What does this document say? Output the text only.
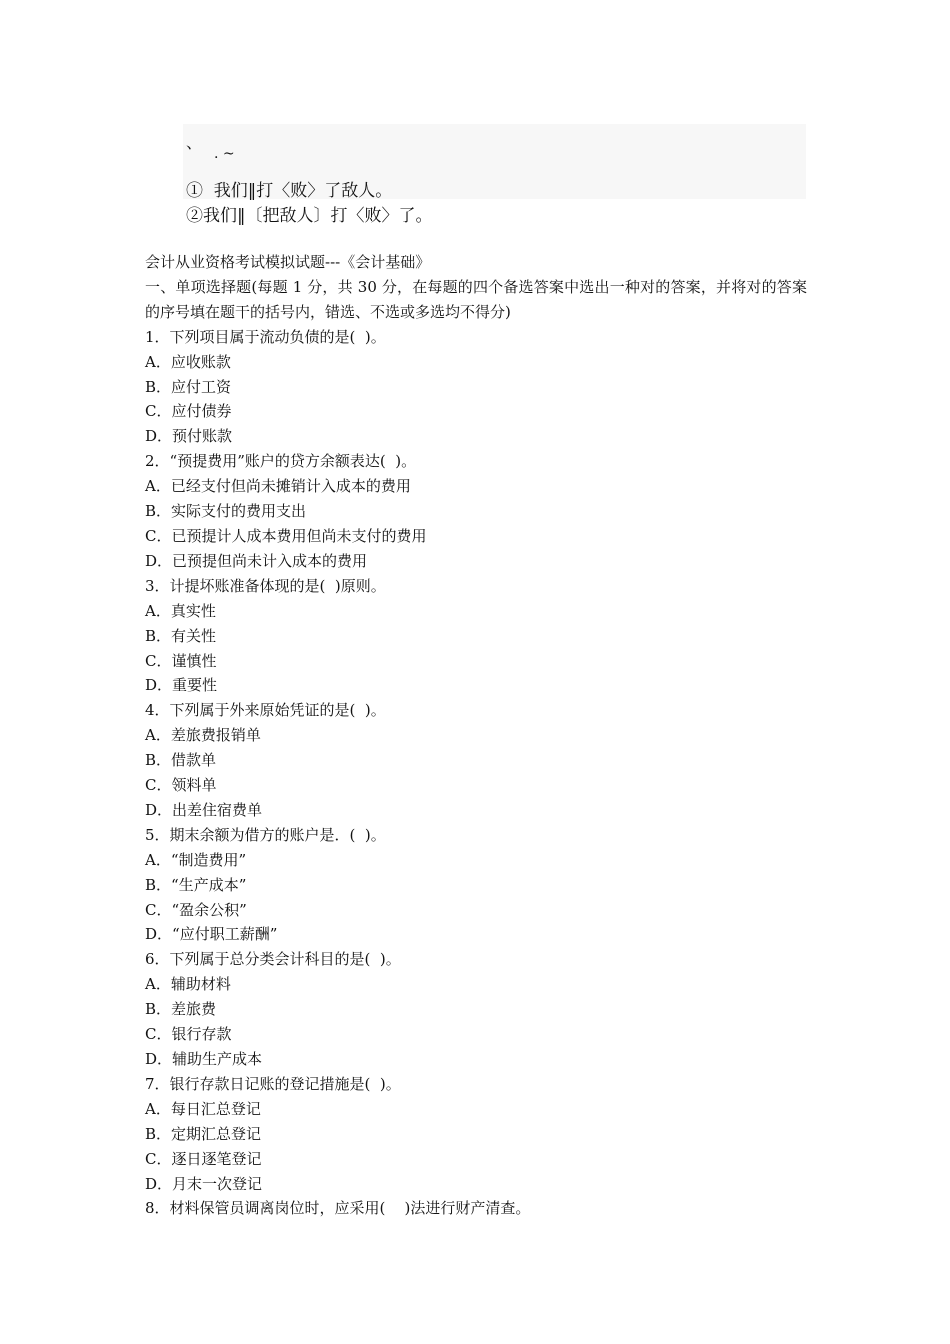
、
. ~
①  我们‖打〈败〉了敌人。
②我们‖〔把敌人〕打〈败〉了。
会计从业资格考试模拟试题---《会计基础》
一、单项选择题(每题 1 分，共 30 分，在每题的四个备选答案中选出一种对的答案，并将对的答案的序号填在题干的括号内，错选、不选或多选均不得分)
1．下列项目属于流动负债的是(  )。
A．应收账款
B．应付工资
C．应付债券
D．预付账款
2．“预提费用”账户的贷方余额表达(  )。
A．已经支付但尚未摊销计入成本的费用
B．实际支付的费用支出
C．已预提计人成本费用但尚未支付的费用
D．已预提但尚未计入成本的费用
3．计提坏账准备体现的是(  )原则。
A．真实性
B．有关性
C．谨慎性
D．重要性
4．下列属于外来原始凭证的是(  )。
A．差旅费报销单
B．借款单
C．领料单
D．出差住宿费单
5．期末余额为借方的账户是．(  )。
A．“制造费用”
B．“生产成本”
C．“盈余公积”
D．“应付职工薪酬”
6．下列属于总分类会计科目的是(  )。
A．辅助材料
B．差旅费
C．银行存款
D．辅助生产成本
7．银行存款日记账的登记措施是(  )。
A．每日汇总登记
B．定期汇总登记
C．逐日逐笔登记
D．月末一次登记
8．材料保管员调离岗位时，应采用(    )法进行财产清查。
